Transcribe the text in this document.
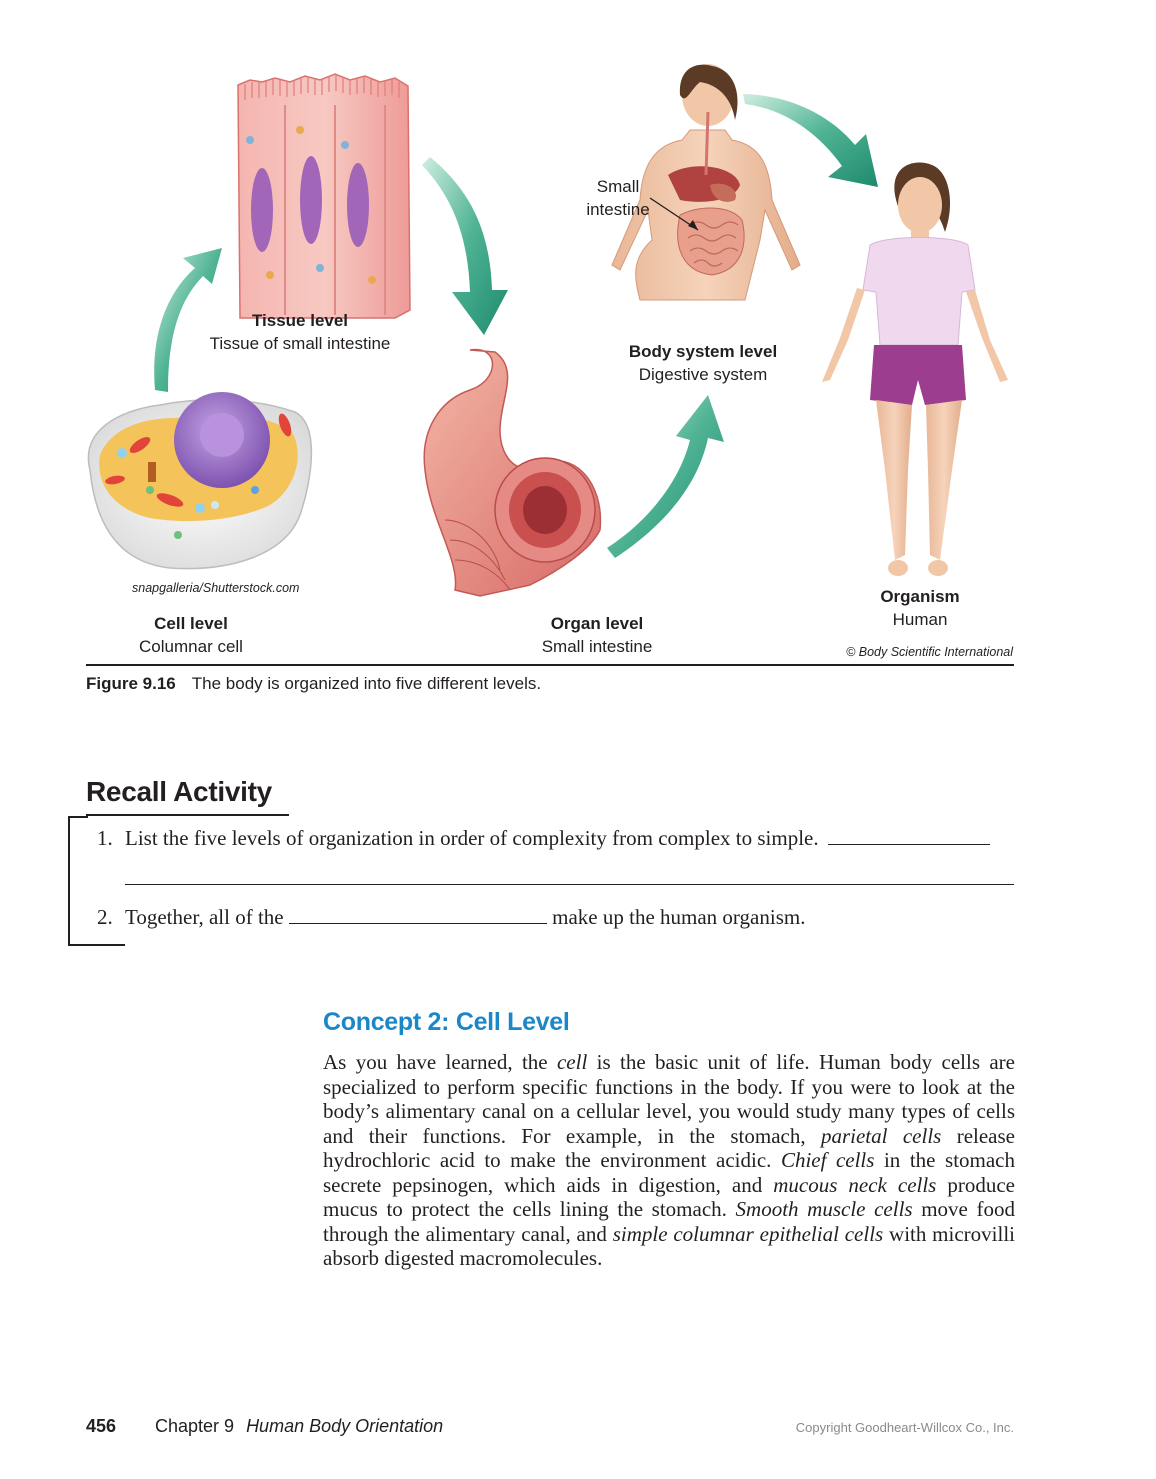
Tissue level
Tissue of small intestine
Small
intestine
Body system level
Digestive system
snapgalleria/Shutterstock.com
Cell level
Columnar cell
Organ level
Small intestine
Organism
Human
© Body Scientific International
Figure 9.16 The body is organized into five different levels.
Recall Activity
1. List the five levels of organization in order of complexity from complex to simple.
2. Together, all of the	make up the human organism.
Concept 2: Cell Level
As you have learned, the cell is the basic unit of life. Human body cells are specialized to perform specific functions in the body. If you were to look at the body’s alimentary canal on a cellular level, you would study many types of cells and their functions. For example, in the stomach, parietal cells release hydrochloric acid to make the environment acidic. Chief cells in the stomach secrete pepsinogen, which aids in digestion, and mucous neck cells produce mucus to protect the cells lining the stomach. Smooth muscle cells move food through the alimentary canal, and simple columnar epithelial cells with microvilli absorb digested macromolecules.
456 Chapter 9 Human Body Orientation	Copyright Goodheart-Willcox Co., Inc.
